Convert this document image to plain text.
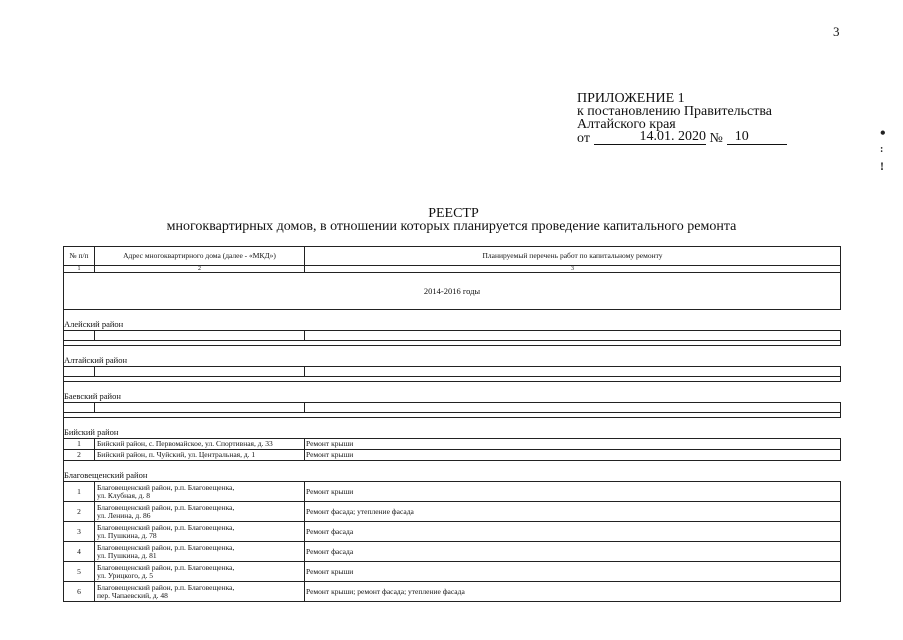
3
ПРИЛОЖЕНИЕ 1
к постановлению Правительства
Алтайского края
от	14.01. 2020 № 10	•
:
!
РЕЕСТР
многоквартирных домов, в отношении которых планируется проведение капитального ремонта
№ п/п	Адрес многоквартирного дома (далее - «МКД»)	Планируемый перечень работ по капитальному ремонту
1	2	3
2014-2016 годы		
Алейский район		

Алтайский район		

Баевский район		

Бийский район		
1	Бийский район, с. Первомайское, ул. Спортивная, д. 33	Ремонт крыши
2	Бийский район, п. Чуйский, ул. Центральная, д. 1	Ремонт крыши
Благовещенский район		
1	Благовещенский район, р.п. Благовещенка,
ул. Клубная, д. 8	Ремонт крыши
2	Благовещенский район, р.п. Благовещенка,
ул. Ленина, д. 86	Ремонт фасада; утепление фасада
3	Благовещенский район, р.п. Благовещенка,
ул. Пушкина, д. 78	Ремонт фасада
4	Благовещенский район, р.п. Благовещенка,
ул. Пушкина, д. 81	Ремонт фасада
5	Благовещенский район, р.п. Благовещенка,
ул. Урицкого, д. 5	Ремонт крыши
6	Благовещенский район, р.п. Благовещенка,
пер. Чапаевский, д. 48	Ремонт крыши; ремонт фасада; утепление фасада
